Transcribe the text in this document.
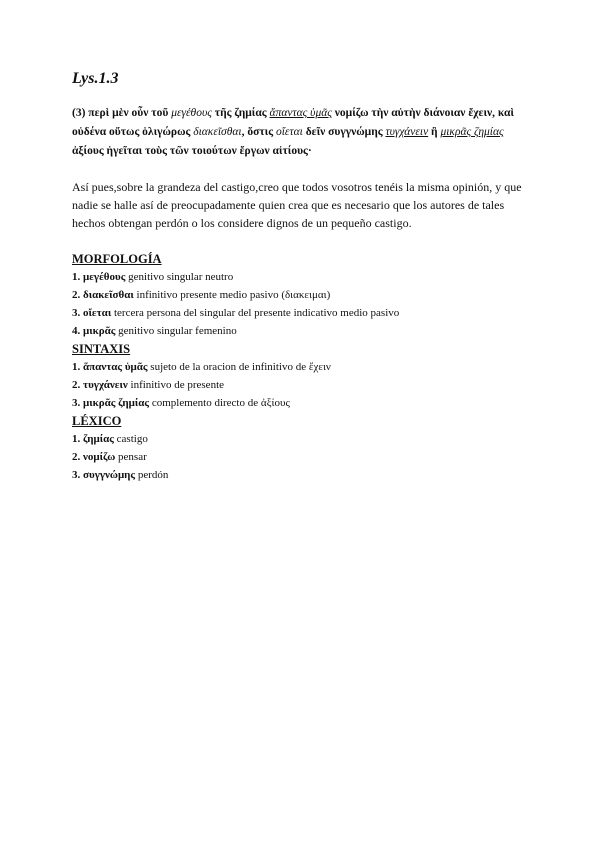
Lys.1.3

(3) περὶ μὲν οὖν τοῦ μεγέθους τῆς ζημίας ἅπαντας ὑμᾶς νομίζω τὴν αὐτὴν διάνοιαν ἔχειν, καὶ οὐδένα οὕτως ὀλιγώρως διακεῖσθαι, ὅστις οἴεται δεῖν συγγνώμης τυγχάνειν ἢ μικρᾶς ζημίας ἀξίους ἡγεῖται τοὺς τῶν τοιούτων ἔργων αἰτίους·

Así pues,sobre la grandeza del castigo,creo que todos vosotros tenéis la misma opinión, y que nadie se halle así de preocupadamente quien crea que es necesario que los autores de tales hechos obtengan perdón o los considere dignos de un pequeño castigo.

MORFOLOGÍA

1. μεγέθους genitivo singular neutro

2. διακεῖσθαι infinitivo presente medio pasivo (διακειμαι)

3. οἴεται tercera persona del singular del presente indicativo medio pasivo

4. μικρᾶς genitivo singular femenino

SINTAXIS

1. ἅπαντας ὑμᾶς sujeto de la oracion de infinitivo de ἔχειν

2. τυγχάνειν infinitivo de presente

3. μικρᾶς ζημίας complemento directo de ἀξίους

LÉXICO

1. ζημίας castigo

2. νομίζω pensar

3. συγγνώμης perdón
